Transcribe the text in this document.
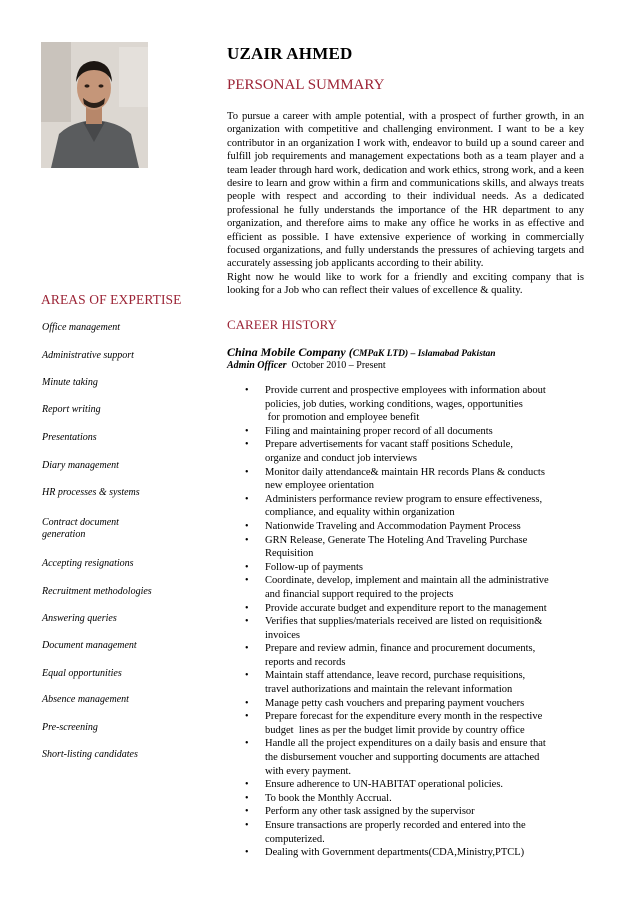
AREAS OF EXPERTISE
Office management
Administrative support
Minute taking
Report writing
Presentations
Diary management
HR processes & systems
Contract document generation
Accepting resignations
Recruitment methodologies
Answering queries
Document management
Equal opportunities
Absence management
Pre-screening
Short-listing candidates
UZAIR AHMED
PERSONAL SUMMARY

To pursue a career with ample potential, with a prospect of further growth, in an organization with competitive and challenging environment. I want to be a key contributor in an organization I work with, endeavor to build up a sound career and fulfill job requirements and management expectations both as a team player and a team leader through hard work, dedication and work ethics, strong work, and a keen desire to learn and grow within a firm and communications skills, and always treats people with respect and according to their individual needs. As a dedicated professional he fully understands the importance of the HR department to any organization, and therefore aims to make any office he works in as effective and efficient as possible. I have extensive experience of working in commercially focused organizations, and fully understands the pressures of achieving targets and accurately assessing job applicants according to their ability.

Right now he would like to work for a friendly and exciting company that is looking for a Job who can reflect their values of excellence & quality.

CAREER HISTORY
China Mobile Company (CMPaK LTD) – Islamabad Pakistan
Admin Officer October 2010 – Present
• Provide current and prospective employees with information about
policies, job duties, working conditions, wages, opportunities
for promotion and employee benefit
• Filing and maintaining proper record of all documents
• Prepare advertisements for vacant staff positions Schedule,
organize and conduct job interviews
• Monitor daily attendance& maintain HR records Plans & conducts
new employee orientation
• Administers performance review program to ensure effectiveness,
compliance, and equality within organization
• Nationwide Traveling and Accommodation Payment Process
• GRN Release, Generate The Hoteling And Traveling Purchase
Requisition
• Follow-up of payments
• Coordinate, develop, implement and maintain all the administrative
and financial support required to the projects
• Provide accurate budget and expenditure report to the management
• Verifies that supplies/materials received are listed on requisition&
invoices
• Prepare and review admin, finance and procurement documents,
reports and records
• Maintain staff attendance, leave record, purchase requisitions,
travel authorizations and maintain the relevant information
• Manage petty cash vouchers and preparing payment vouchers
• Prepare forecast for the expenditure every month in the respective
budget  lines as per the budget limit provide by country office
• Handle all the project expenditures on a daily basis and ensure that
the disbursement voucher and supporting documents are attached
with every payment.
• Ensure adherence to UN-HABITAT operational policies.
• To book the Monthly Accrual.
• Perform any other task assigned by the supervisor
• Ensure transactions are properly recorded and entered into the
computerized.
• Dealing with Government departments(CDA,Ministry,PTCL)
